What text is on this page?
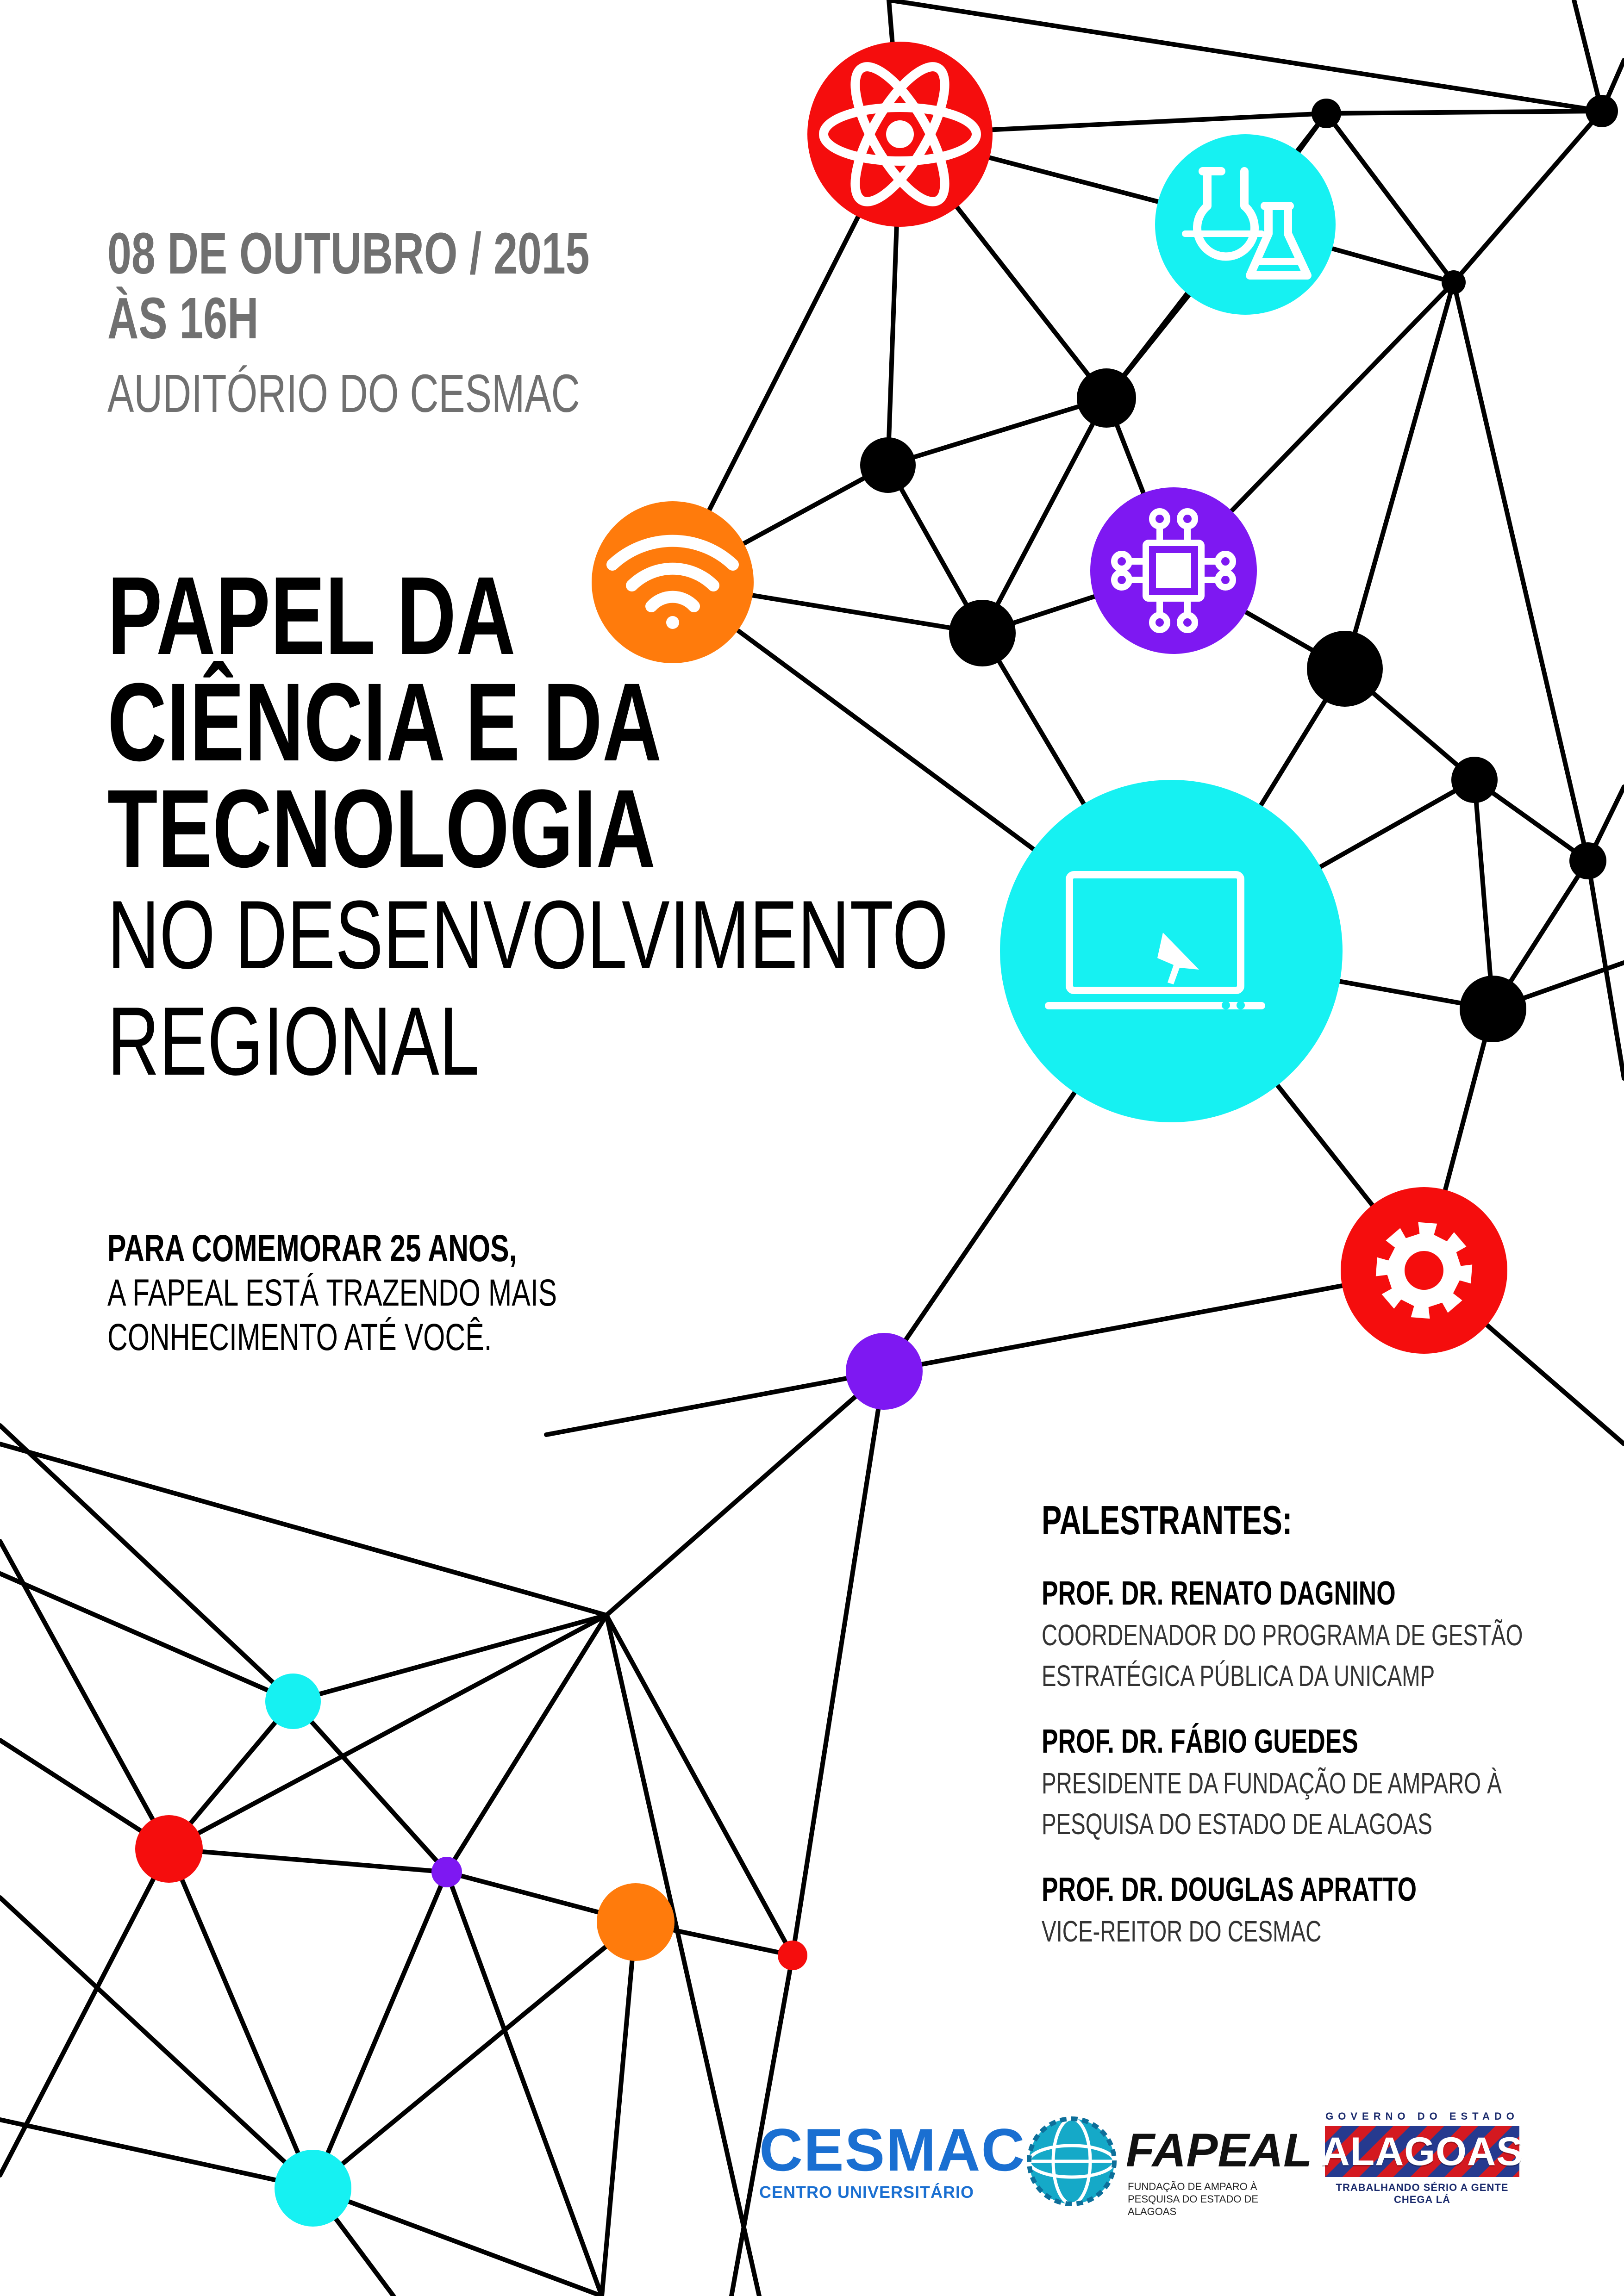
08 DE OUTUBRO / 2015
ÀS 16H
AUDITÓRIO DO CESMAC
PAPEL DA
CIÊNCIA E DA
TECNOLOGIA
NO DESENVOLVIMENTO
REGIONAL
PARA COMEMORAR 25 ANOS,
A FAPEAL ESTÁ TRAZENDO MAIS
CONHECIMENTO ATÉ VOCÊ.
PALESTRANTES:
PROF. DR. RENATO DAGNINO
COORDENADOR DO PROGRAMA DE GESTÃO
ESTRATÉGICA PÚBLICA DA UNICAMP
PROF. DR. FÁBIO GUEDES
PRESIDENTE DA FUNDAÇÃO DE AMPARO À
PESQUISA DO ESTADO DE ALAGOAS
PROF. DR. DOUGLAS APRATTO
VICE-REITOR DO CESMAC
CESMAC
CENTRO UNIVERSITÁRIO
FAPEAL
FUNDAÇÃO DE AMPARO À PESQUISA DO ESTADO DE ALAGOAS
GOVERNO DO ESTADO
ALAGOAS
TRABALHANDO SÉRIO A GENTE CHEGA LÁ
